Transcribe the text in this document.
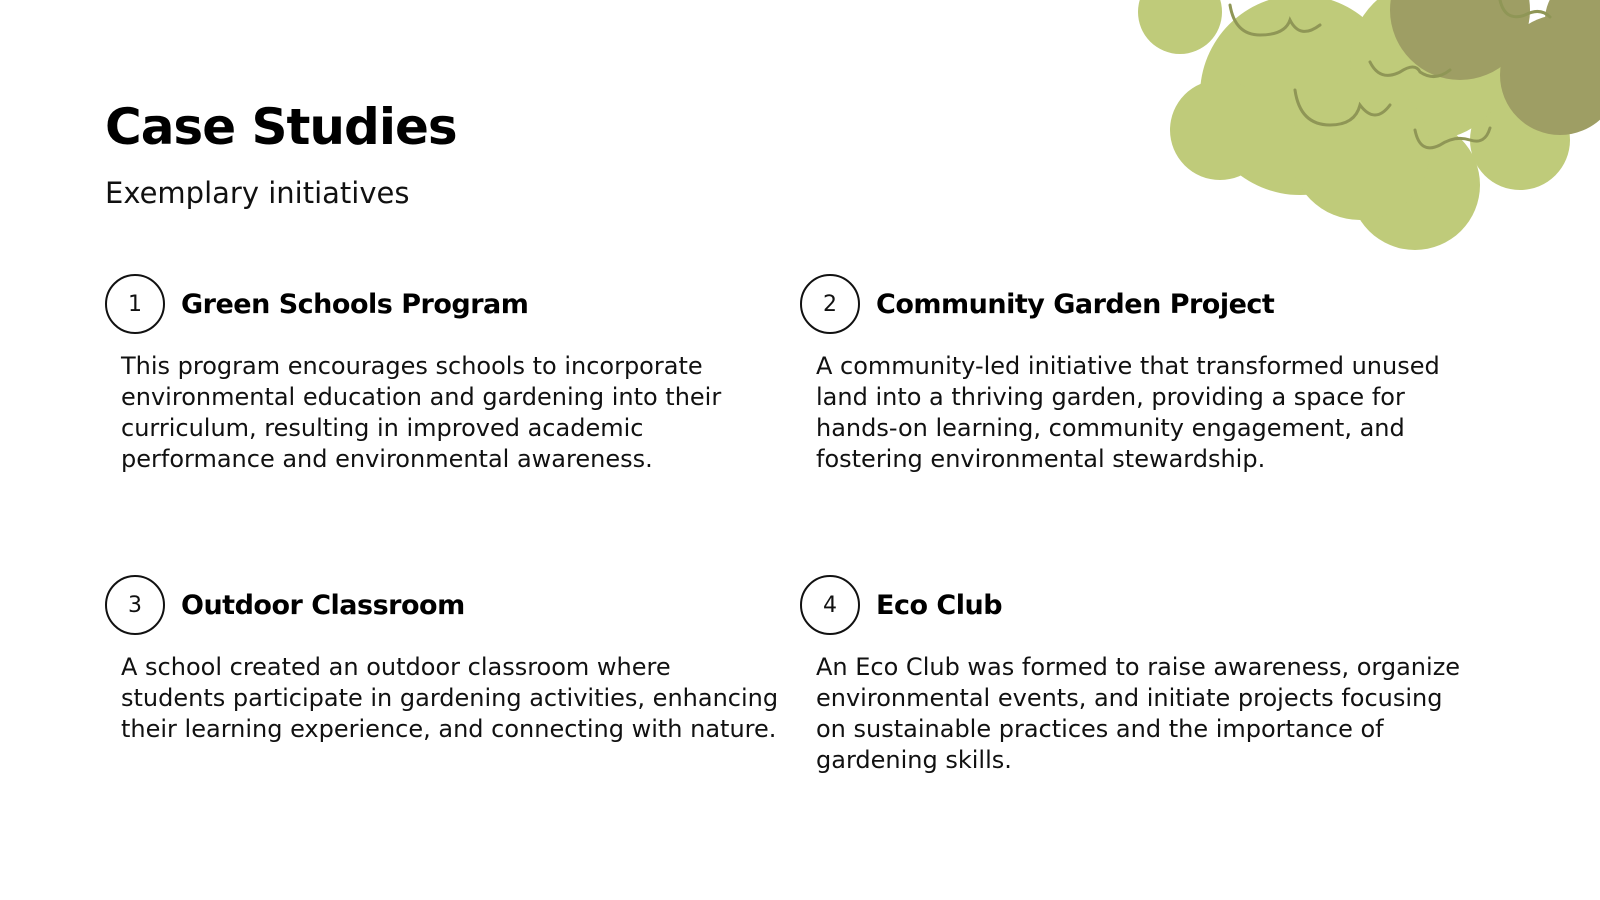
Case Studies

Exemplary initiatives

1	Green Schools Program
This program encourages schools to incorporate environmental education and gardening into their curriculum, resulting in improved academic performance and environmental awareness.
2	Community Garden Project
A community-led initiative that transformed unused land into a thriving garden, providing a space for hands-on learning, community engagement, and fostering environmental stewardship.
3	Outdoor Classroom
A school created an outdoor classroom where students participate in gardening activities, enhancing their learning experience, and connecting with nature.
4	Eco Club
An Eco Club was formed to raise awareness, organize environmental events, and initiate projects focusing on sustainable practices and the importance of gardening skills.
